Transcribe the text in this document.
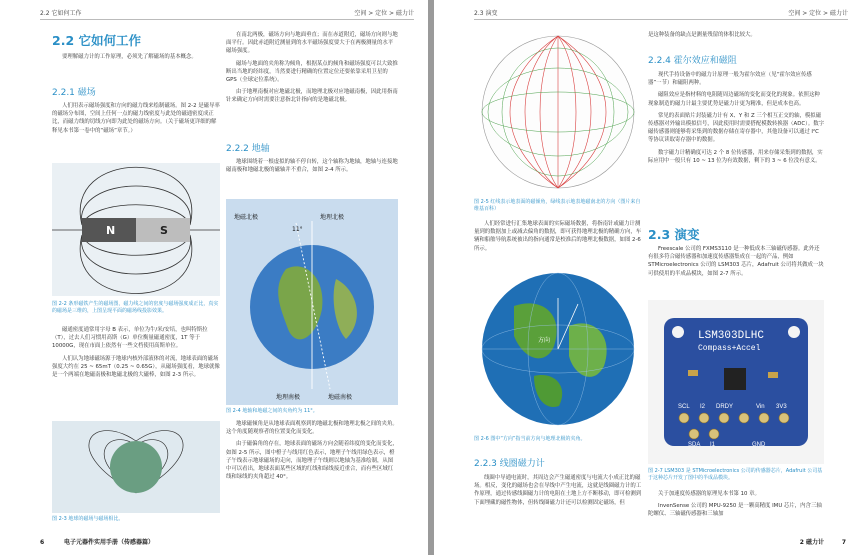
2.2 它如何工作	空间 > 定位 > 磁力计
2.2 它如何工作

要理解磁力计的工作原理，必须先了解磁场的基本概念。

2.2.1 磁场

人们用表示磁场强度和方向的磁力线来绘制磁场。图 2-2 是磁导率的磁场分布图，空间上任何一点的磁力线密度与此处的磁通密度成正比，而磁力线的切线方向即为此处的磁场方向。（关于磁场更详细的解释见本书第一卷中的“磁场”章节。）

N	S
图 2-2 条形磁铁产生的磁场图，磁力线之间的密度与磁场强度成正比，真实的磁场是三维的，上图呈现平面的磁场线投影效果。

磁通密度通常用字母 B 表示，单位为牛/米/安培，也叫特斯拉（T），过去人们习惯用高斯（G）单位衡量磁通密度，1T 等于 10000G，现在市面上依然有一些文档使用高斯单位。

人们认为地球磁场源于地球内核外部液体的对流，地球表面的磁场强度大约在 25 ~ 65mT（0.25 ~ 0.65G），从磁场强度看，地球就像是一个两端在地磁南极和地磁北极的大磁棒，如图 2-3 所示。

图 2-3 地球的磁场与磁场相比。

在南北两极，磁场方向与地面垂直；而在赤道附近，磁场方向则与地面平行。因此赤道附近测量到的水平磁场强度要大于在两极测量的水平磁场强度。

磁场与地面的夹角称为倾角，根据某点的倾角和磁场强度可以大致推断出当地的经纬度，当然要进行精确的位置定位还要依靠采用卫星的 GPS（全球定位系统）。

由于地理南极对应地磁北极，而地理北极对应地磁南极，因此用指南针来确定方向时需要注意指北针指向的是地磁北极。

2.2.2 地轴

地球围绕着一根虚拟的轴不停自转，这个轴称为地轴，地轴与连接地磁南极和地磁北极的磁轴并不重合，如图 2-4 所示。

地磁北极	地理北极
11°
地理南极	地磁南极
图 2-4 地轴和地磁之间的夹角约为 11°。

地球磁倾角是从地球表面观察到的地磁北极和地理北极之间的夹角。这个角度随观察者的位置变化而变化。

由于磁偏角的存在，地球表面的磁场方向会随着纬度的变化而变化，如图 2-5 所示，图中橙子与线用红色表示，地理子午线用绿色表示，橙子午线表示地球磁场的走向，而地理子午线则以地轴为基准绘制，从图中可以看出，地球表面某些区域的红线和绿线接近重合，而有些区域红线和绿线的夹角超过 40°。

6	电子元器件实用手册（传感器篇）
2.3 演变	空间 > 定位 > 磁力计
图 2-5 红线表示地表面的磁倾角，绿线表示地表地磁南北的方向（图片来自维基百科）

人们经常进行汇集地球表面的实际磁场数据，将指南针或磁力计测量到的数据加上或减去偏角的数据，即可获得地理北极的精确方向，车辆和船舶导航系统被出的指向通常是校准后的地理北极数据，如图 2-6 所示。

方向
图 2-6 图中“方向”指当前方向与地理北极的夹角。
2.2.3 线圈磁力计

线圈中导通电流时，其周边会产生磁通密度与电流大小成正比的磁场。相反，变化的磁场也会在导线中产生电流，这就是线圈磁力计的工作原理，通过传感线圈磁力计的电阻在土地上方不断移动，即可检测到下面埋藏的磁性物体，但转线圈磁力计还可以检测固定磁场，但

是这种装备的缺点是测量残留的体积比较大。

2.2.4 霍尔效应和磁阻

现代手持设备中的磁力计原理一般为霍尔效应（见“霍尔效应传感器”一节）和磁阻两种。

磁阻效应是指材料的电阻随周边磁场的变化而变化的现象。依照这种现象制造的磁力计最主要优势是磁力计更为精准，但是成本也高。

常见的表面贴片封装磁力计有 X、Y 和 Z 三个相互正交的轴，模拟磁传感器对外输出模拟信号，因此使用时需要搭配模数转换器（ADC）。数字磁传感器则能够将采集到的数据存储在寄存器中，其他设备可以通过 I²C 等协议读取寄存器中的数据。

数字磁力计精确度可达 2 个 8 位传感器，用来存储采集到的数据，实际应用中一般只有 10 ~ 13 位为有效数据，剩下的 3 ~ 6 位没有意义。

2.3 演变

Freescale 公司的 FXMS3110 是一种低成本三轴磁传感器。此外还有很多符合磁传感器和加速度传感器集成在一起的产品，例如 STMicroelectronics 公司的 LSM303 芯片，Adafruit 公司将其做成一块可供使用的半成品模块，如图 2-7 所示。

LSM303DLHC
Compass+Accel
SCL I2 DRDY	Vin 3V3
SDA I1	GND
图 2-7 LSM303 是 STMicroelectronics 公司的传感器芯片，Adafruit 公司基于这种芯片开发了图中的半成品模块。

关于加速度传感器的原理见本书第 10 章。

InvenSense 公司的 MPU-9250 是一颗高精度 IMU 芯片，内含三轴陀螺仪、三轴磁传感器和三轴加

2 磁力计	7
